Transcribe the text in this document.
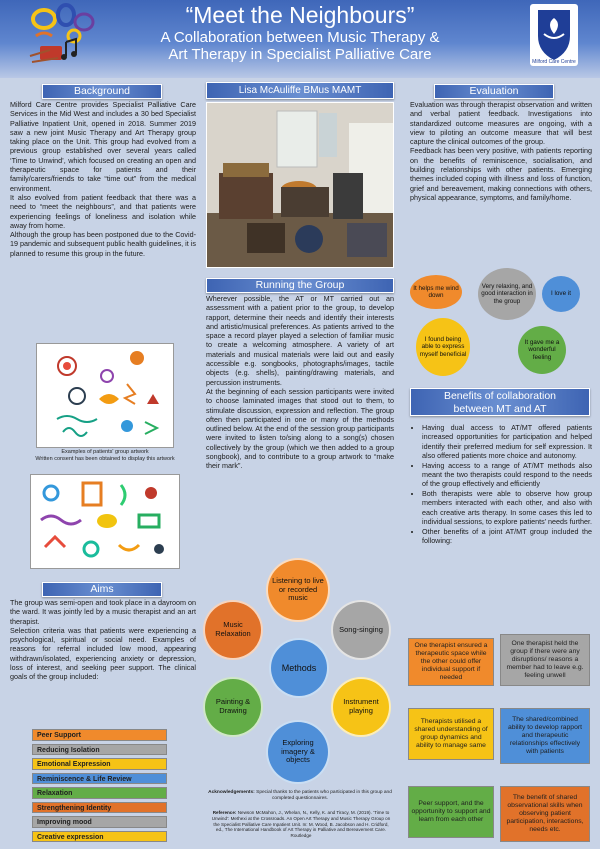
“Meet the Neighbours”
A Collaboration between Music Therapy &
Art Therapy in Specialist Palliative Care	Milford Care Centre
Background

Milford Care Centre provides Specialist Palliative Care Services in the Mid West and includes a 30 bed Specialist Palliative Inpatient Unit, opened in 2018. Summer 2019 saw a new joint Music Therapy and Art Therapy group taking place on the Unit. This group had evolved from a previous group established over several years called ‘Time to Unwind’, which focused on creating an open and therapeutic space for patients and their family/carers/friends to take “time out” from the medical environment.

It also evolved from patient feedback that there was a need to “meet the neighbours”, and that patients were experiencing feelings of loneliness and isolation while away from home.

Although the group has been postponed due to the Covid-19 pandemic and subsequent public health guidelines, it is planned to resume this group in the future.

Examples of patients' group artwork
Written consent has been obtained to display this artwork
Aims

The group was semi-open and took place in a dayroom on the ward. It was jointly led by a music therapist and an art therapist.

Selection criteria was that patients were experiencing a psychological, spiritual or social need. Examples of reasons for referral included low mood, appearing withdrawn/isolated, experiencing anxiety or depression, loss of interest, and seeking peer support. The clinical goals of the group included:

Peer Support
Reducing Isolation
Emotional Expression
Reminiscence & Life Review
Relaxation
Strengthening Identity
Improving mood
Creative expression
Lisa McAuliffe BMus MAMT
Running the Group

Wherever possible, the AT or MT carried out an assessment with a patient prior to the group, to develop rapport, determine their needs and identify their interests and artistic/musical preferences. As patients arrived to the space a record player played a selection of familiar music to create a welcoming atmosphere. A variety of art materials and musical materials were laid out and easily accessible e.g. songbooks, photographs/images, tactile objects (e.g. shells), painting/drawing materials, and percussion instruments.

At the beginning of each session participants were invited to choose laminated images that stood out to them, to stimulate discussion, expression and reflection. The group often then participated in one or many of the methods outlined below. At the end of the session group participants were invited to listen to/sing along to a song(s) chosen collectively by the group (which we then added to a group songbook), and to contribute to a group artwork to “make their mark”.

Listening to live or recorded music
Song-singing
Instrument playing
Exploring imagery & objects
Painting & Drawing
Music Relaxation
Methods
Acknowledgements: Special thanks to the patients who participated in this group and completed questionnaires.
Reference: Newson McMahon, J., Whelan, N., Kelly, K. and Tiracy, M. (2019). ‘Time to Unwind’: Methexi at the Crossroads. An Open Art Therapy and Music Therapy Group on the Specialist Palliative Care Inpatient Unit. In: M. Wood, B. Jacobson and H. Cridford, ed., The International Handbook of Art Therapy in Palliative and Bereavement Care. Routledge
Evaluation

Evaluation was through therapist observation and written and verbal patient feedback. Investigations into standardized outcome measures are ongoing, with a view to piloting an outcome measure that will best capture the clinical outcomes of the group.

Feedback has been very positive, with patients reporting on the benefits of reminiscence, socialisation, and building relationships with other patients. Emerging themes included coping with illness and loss of function, grief and bereavement, making connections with others, physical appearance, symptoms, and family/home.

It helps me wind down
Very relaxing, and good interaction in the group
I love it
I found being able to express myself beneficial
It gave me a wonderful feeling
Benefits of collaboration
between MT and AT
• Having dual access to AT/MT offered patients increased opportunities for participation and helped identify their preferred medium for self expression. It also offered patients more choice and autonomy.
• Having access to a range of AT/MT methods also meant the two therapists could respond to the needs of the group effectively and efficiently
• Both therapists were able to observe how group members interacted with each other, and also with each creative arts therapy. In some cases this led to individual sessions, to explore patients’ needs further.
• Other benefits of a joint AT/MT group included the following:
One therapist ensured a therapeutic space while the other could offer individual support if needed
One therapist held the group if there were any disruptions/ reasons a member had to leave e.g. feeling unwell
Therapists utilised a shared understanding of group dynamics and ability to manage same
The shared/combined ability to develop rapport and therapeutic relationships effectively with patients
Peer support, and the opportunity to support and learn from each other
The benefit of shared observational skills when observing patient participation, interactions, needs etc.
